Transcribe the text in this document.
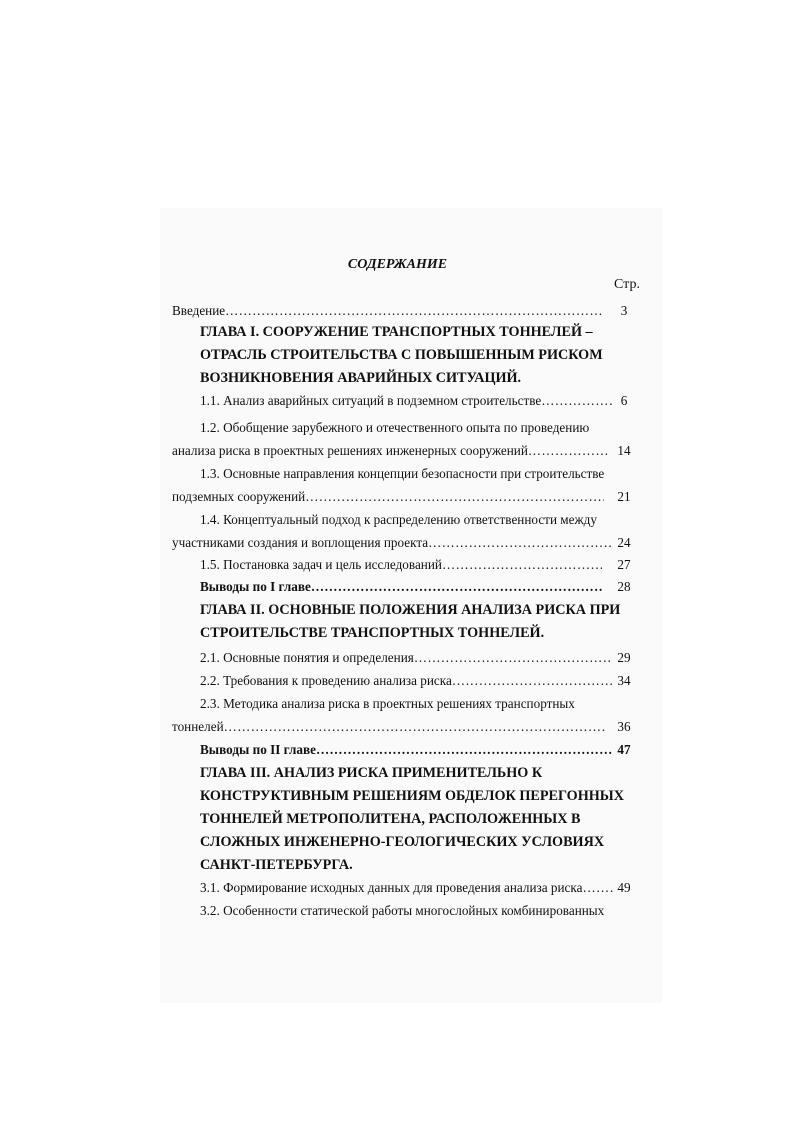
СОДЕРЖАНИЕ
Стр.
Введение ……………………………………………………………………………………………………………………………………	3
ГЛАВА I. СООРУЖЕНИЕ ТРАНСПОРТНЫХ ТОННЕЛЕЙ –
ОТРАСЛЬ СТРОИТЕЛЬСТВА С ПОВЫШЕННЫМ РИСКОМ
ВОЗНИКНОВЕНИЯ АВАРИЙНЫХ СИТУАЦИЙ.
1.1. Анализ аварийных ситуаций в подземном строительстве ……………………………………………………………………………………………………………………………………	6
1.2. Обобщение зарубежного и отечественного опыта по проведению
анализа риска в проектных решениях инженерных сооружений ……………………………………………………………………………………………………………………………………	14
1.3. Основные направления концепции безопасности при строительстве
подземных сооружений ……………………………………………………………………………………………………………………………………	21
1.4. Концептуальный подход к распределению ответственности между
участниками создания и воплощения проекта ……………………………………………………………………………………………………………………………………	24
1.5. Постановка задач и цель исследований ……………………………………………………………………………………………………………………………………	27
Выводы по I главе ……………………………………………………………………………………………………………………………………	28
ГЛАВА II. ОСНОВНЫЕ ПОЛОЖЕНИЯ АНАЛИЗА РИСКА ПРИ
СТРОИТЕЛЬСТВЕ ТРАНСПОРТНЫХ ТОННЕЛЕЙ.
2.1. Основные понятия и определения ……………………………………………………………………………………………………………………………………	29
2.2. Требования к проведению анализа риска ……………………………………………………………………………………………………………………………………	34
2.3. Методика анализа риска в проектных решениях транспортных
тоннелей ……………………………………………………………………………………………………………………………………	36
Выводы по II главе ……………………………………………………………………………………………………………………………………	47
ГЛАВА III. АНАЛИЗ РИСКА ПРИМЕНИТЕЛЬНО К
КОНСТРУКТИВНЫМ РЕШЕНИЯМ ОБДЕЛОК ПЕРЕГОННЫХ
ТОННЕЛЕЙ МЕТРОПОЛИТЕНА, РАСПОЛОЖЕННЫХ В
СЛОЖНЫХ ИНЖЕНЕРНО-ГЕОЛОГИЧЕСКИХ УСЛОВИЯХ
САНКТ-ПЕТЕРБУРГА.
3.1. Формирование исходных данных для проведения анализа риска ……………………………………………………………………………………………………………………………………	49
3.2. Особенности статической работы многослойных комбинированных
